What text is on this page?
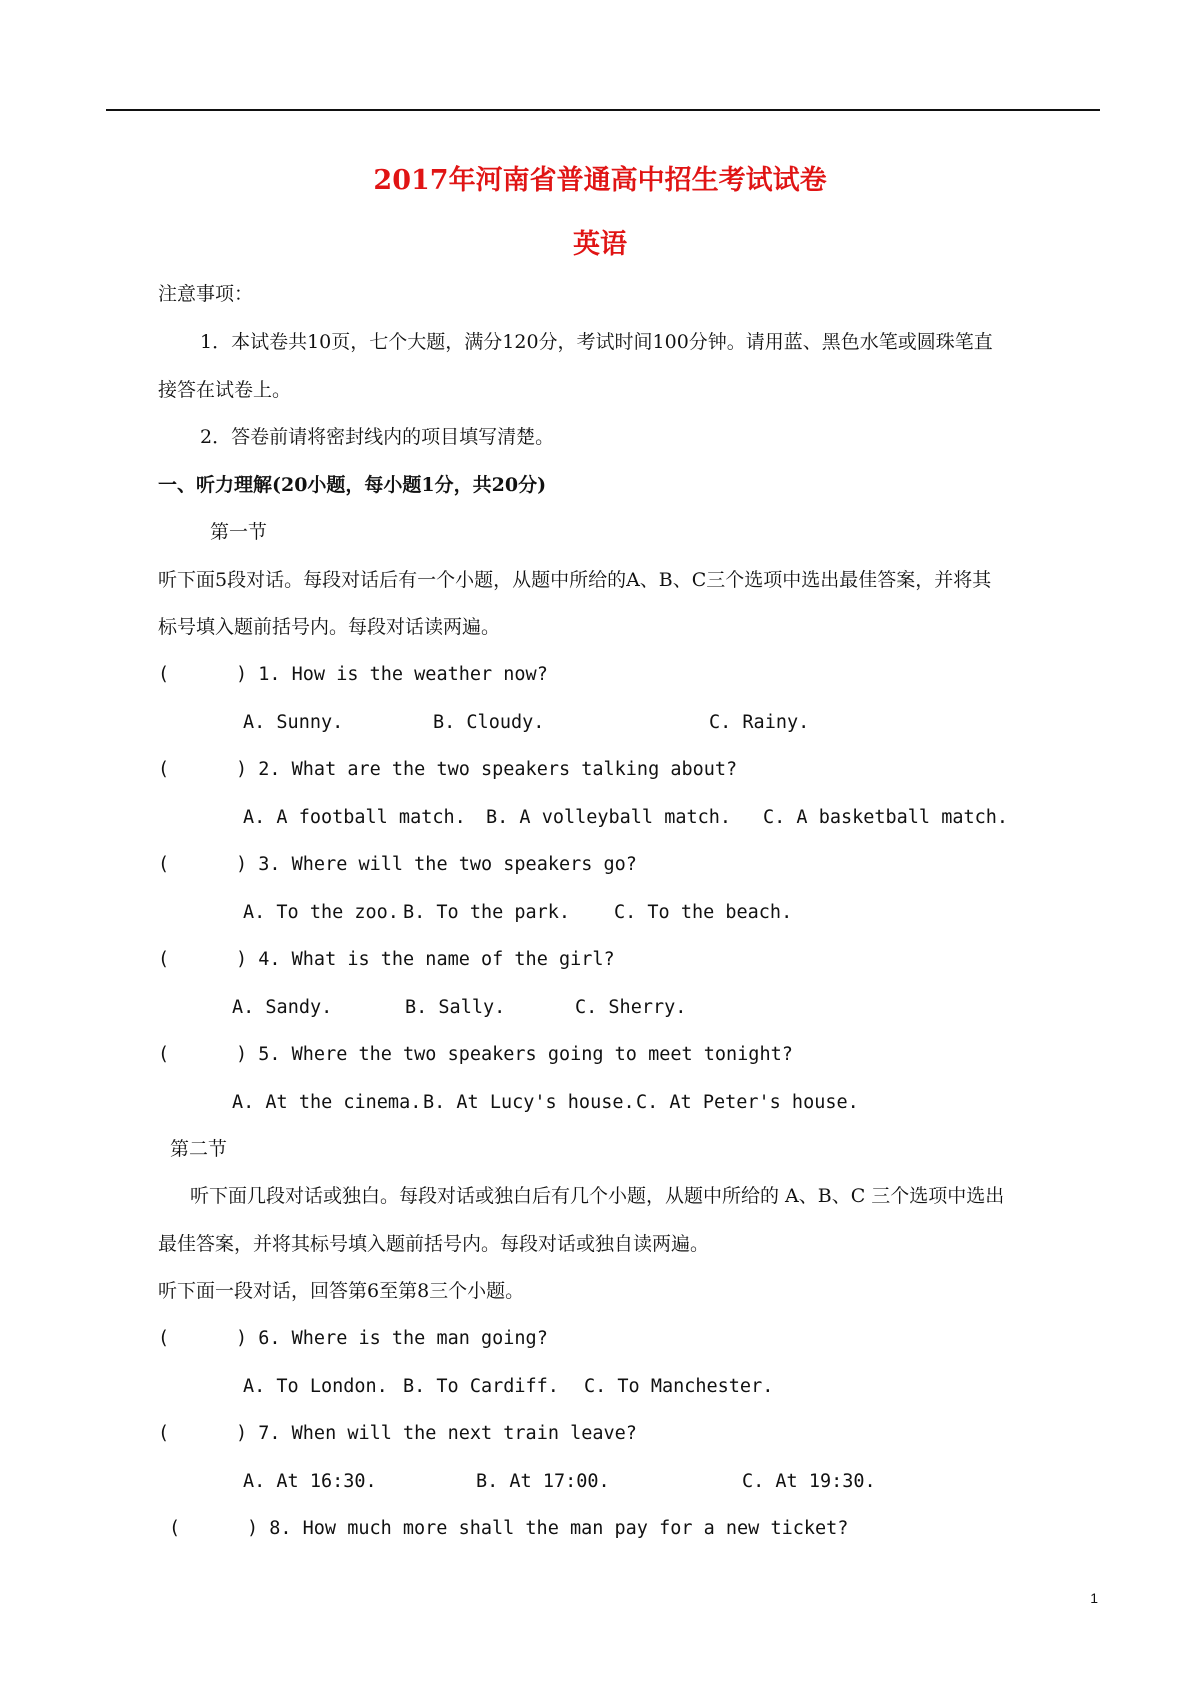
2017年河南省普通高中招生考试试卷
英语
注意事项：
1．本试卷共10页，七个大题，满分120分，考试时间100分钟。请用蓝、黑色水笔或圆珠笔直
接答在试卷上。
2．答卷前请将密封线内的项目填写清楚。
一、听力理解(20小题，每小题1分，共20分)
第一节
听下面5段对话。每段对话后有一个小题，从题中所给的A、B、C三个选项中选出最佳答案，并将其
标号填入题前括号内。每段对话读两遍。
(      ) 1. How is the weather now?
A. Sunny.	B. Cloudy.	C. Rainy.
(      ) 2. What are the two speakers talking about?
A. A football match. B. A volleyball match. C. A basketball match.
(      ) 3. Where will the two speakers go?
A. To the zoo. B. To the park. C. To the beach.
(      ) 4. What is the name of the girl?
A. Sandy.	B. Sally.	C. Sherry.
(      ) 5. Where the two speakers going to meet tonight?
A. At the cinema. B. At Lucy's house. C. At Peter's house.
第二节
听下面几段对话或独白。每段对话或独白后有几个小题，从题中所给的 A、B、C 三个选项中选出
最佳答案，并将其标号填入题前括号内。每段对话或独自读两遍。
听下面一段对话，回答第6至第8三个小题。
(      ) 6. Where is the man going?
A. To London. B. To Cardiff. C. To Manchester.
(      ) 7. When will the next train leave?
A. At 16:30.	B. At 17:00.	C. At 19:30.
(      ) 8. How much more shall the man pay for a new ticket?
1
